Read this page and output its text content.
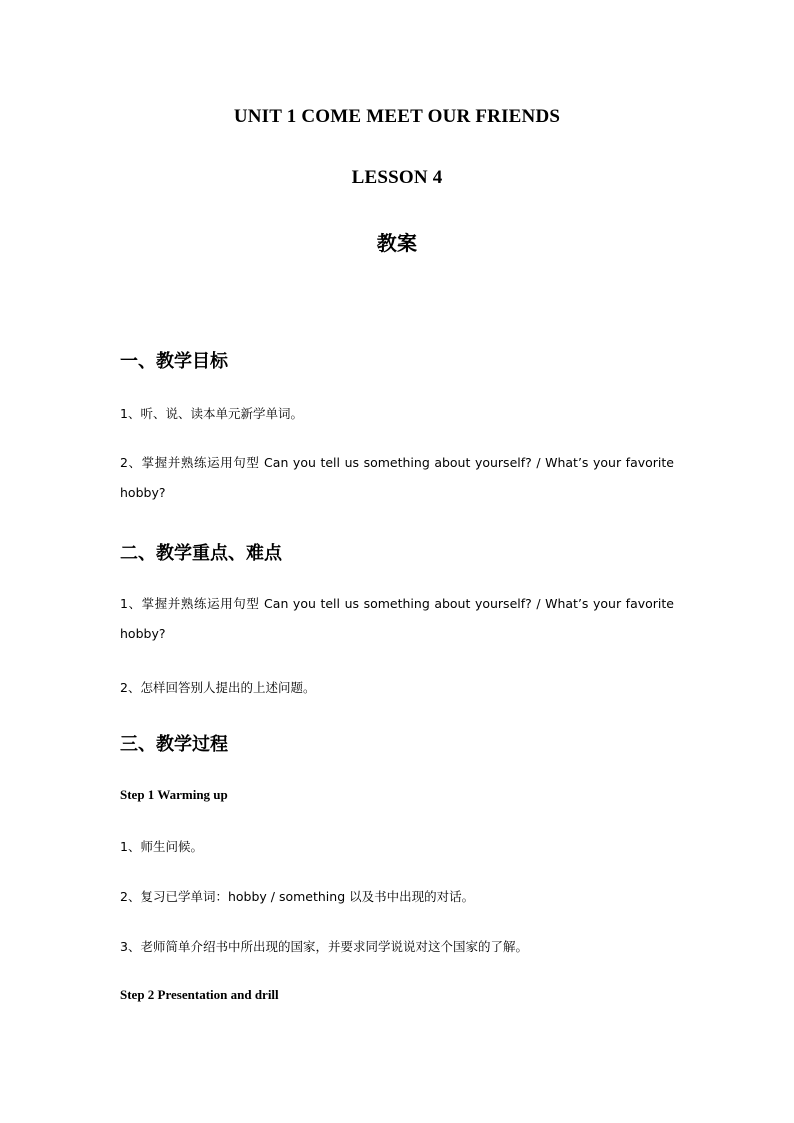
UNIT 1 COME MEET OUR FRIENDS
LESSON 4
教案
一、教学目标
1、听、说、读本单元新学单词。
2、掌握并熟练运用句型 Can you tell us something about yourself? / What’s your favorite hobby?
二、教学重点、难点
1、掌握并熟练运用句型 Can you tell us something about yourself? / What’s your favorite hobby?
2、怎样回答别人提出的上述问题。
三、教学过程
Step 1 Warming up
1、师生问候。
2、复习已学单词：hobby / something 以及书中出现的对话。
3、老师简单介绍书中所出现的国家，并要求同学说说对这个国家的了解。
Step 2 Presentation and drill
